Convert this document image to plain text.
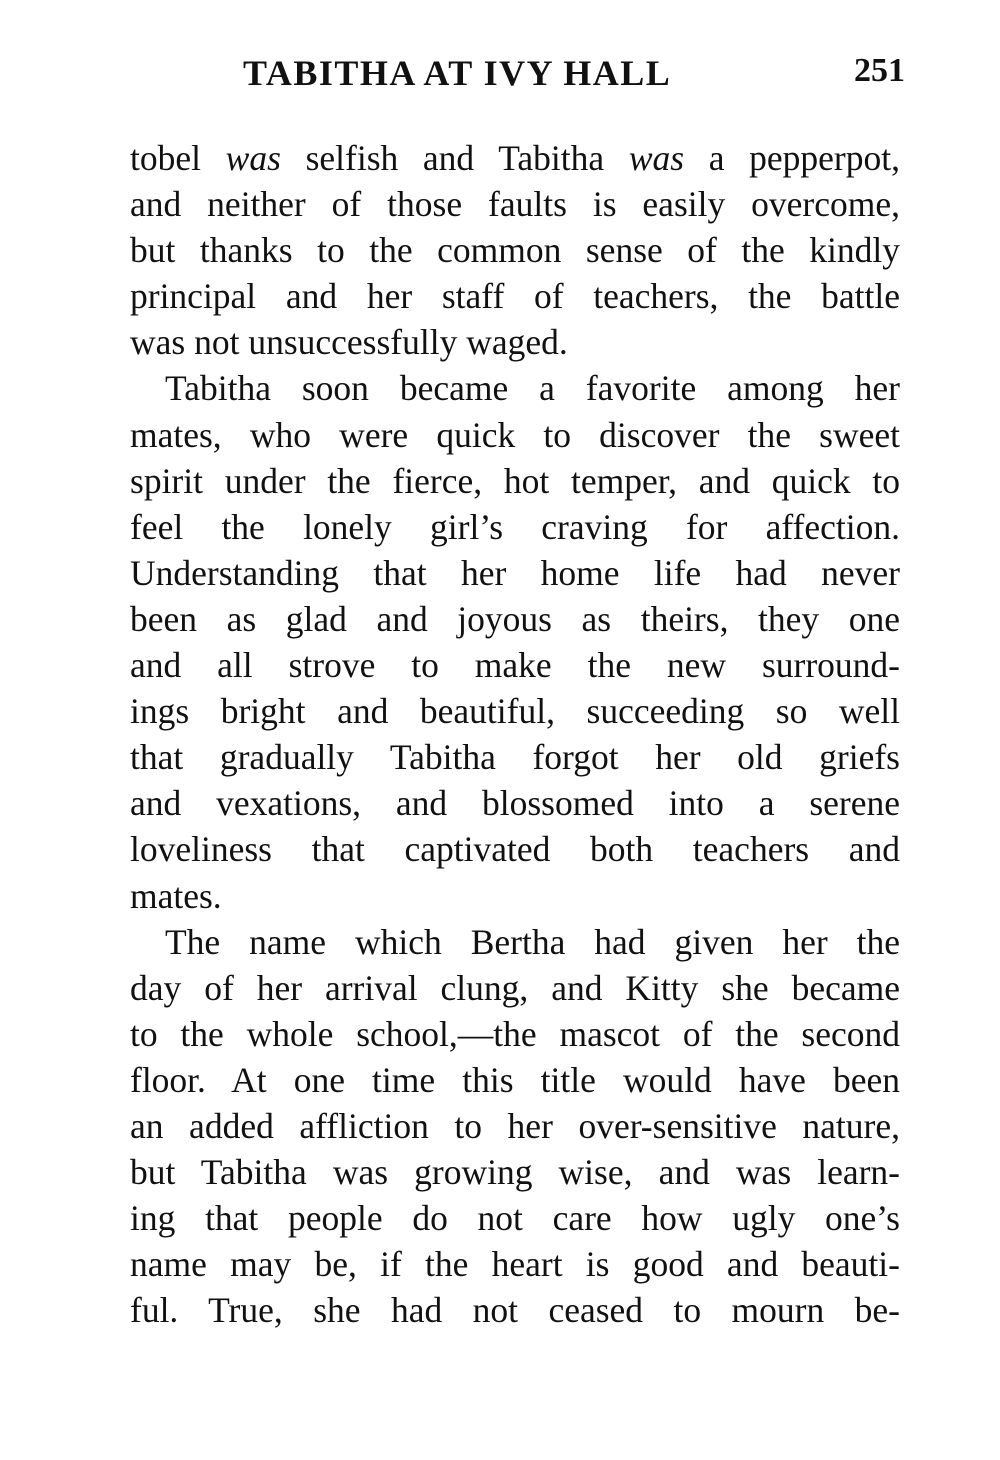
TABITHA AT IVY HALL	251
tobel was selfish and Tabitha was a pepperpot,
and neither of those faults is easily overcome,
but thanks to the common sense of the kindly
principal and her staff of teachers, the battle
was not unsuccessfully waged.
Tabitha soon became a favorite among her
mates, who were quick to discover the sweet
spirit under the fierce, hot temper, and quick to
feel the lonely girl’s craving for affection.
Understanding that her home life had never
been as glad and joyous as theirs, they one
and all strove to make the new surround-
ings bright and beautiful, succeeding so well
that gradually Tabitha forgot her old griefs
and vexations, and blossomed into a serene
loveliness that captivated both teachers and
mates.
The name which Bertha had given her the
day of her arrival clung, and Kitty she became
to the whole school,—the mascot of the second
floor. At one time this title would have been
an added affliction to her over-sensitive nature,
but Tabitha was growing wise, and was learn-
ing that people do not care how ugly one’s
name may be, if the heart is good and beauti-
ful. True, she had not ceased to mourn be-
